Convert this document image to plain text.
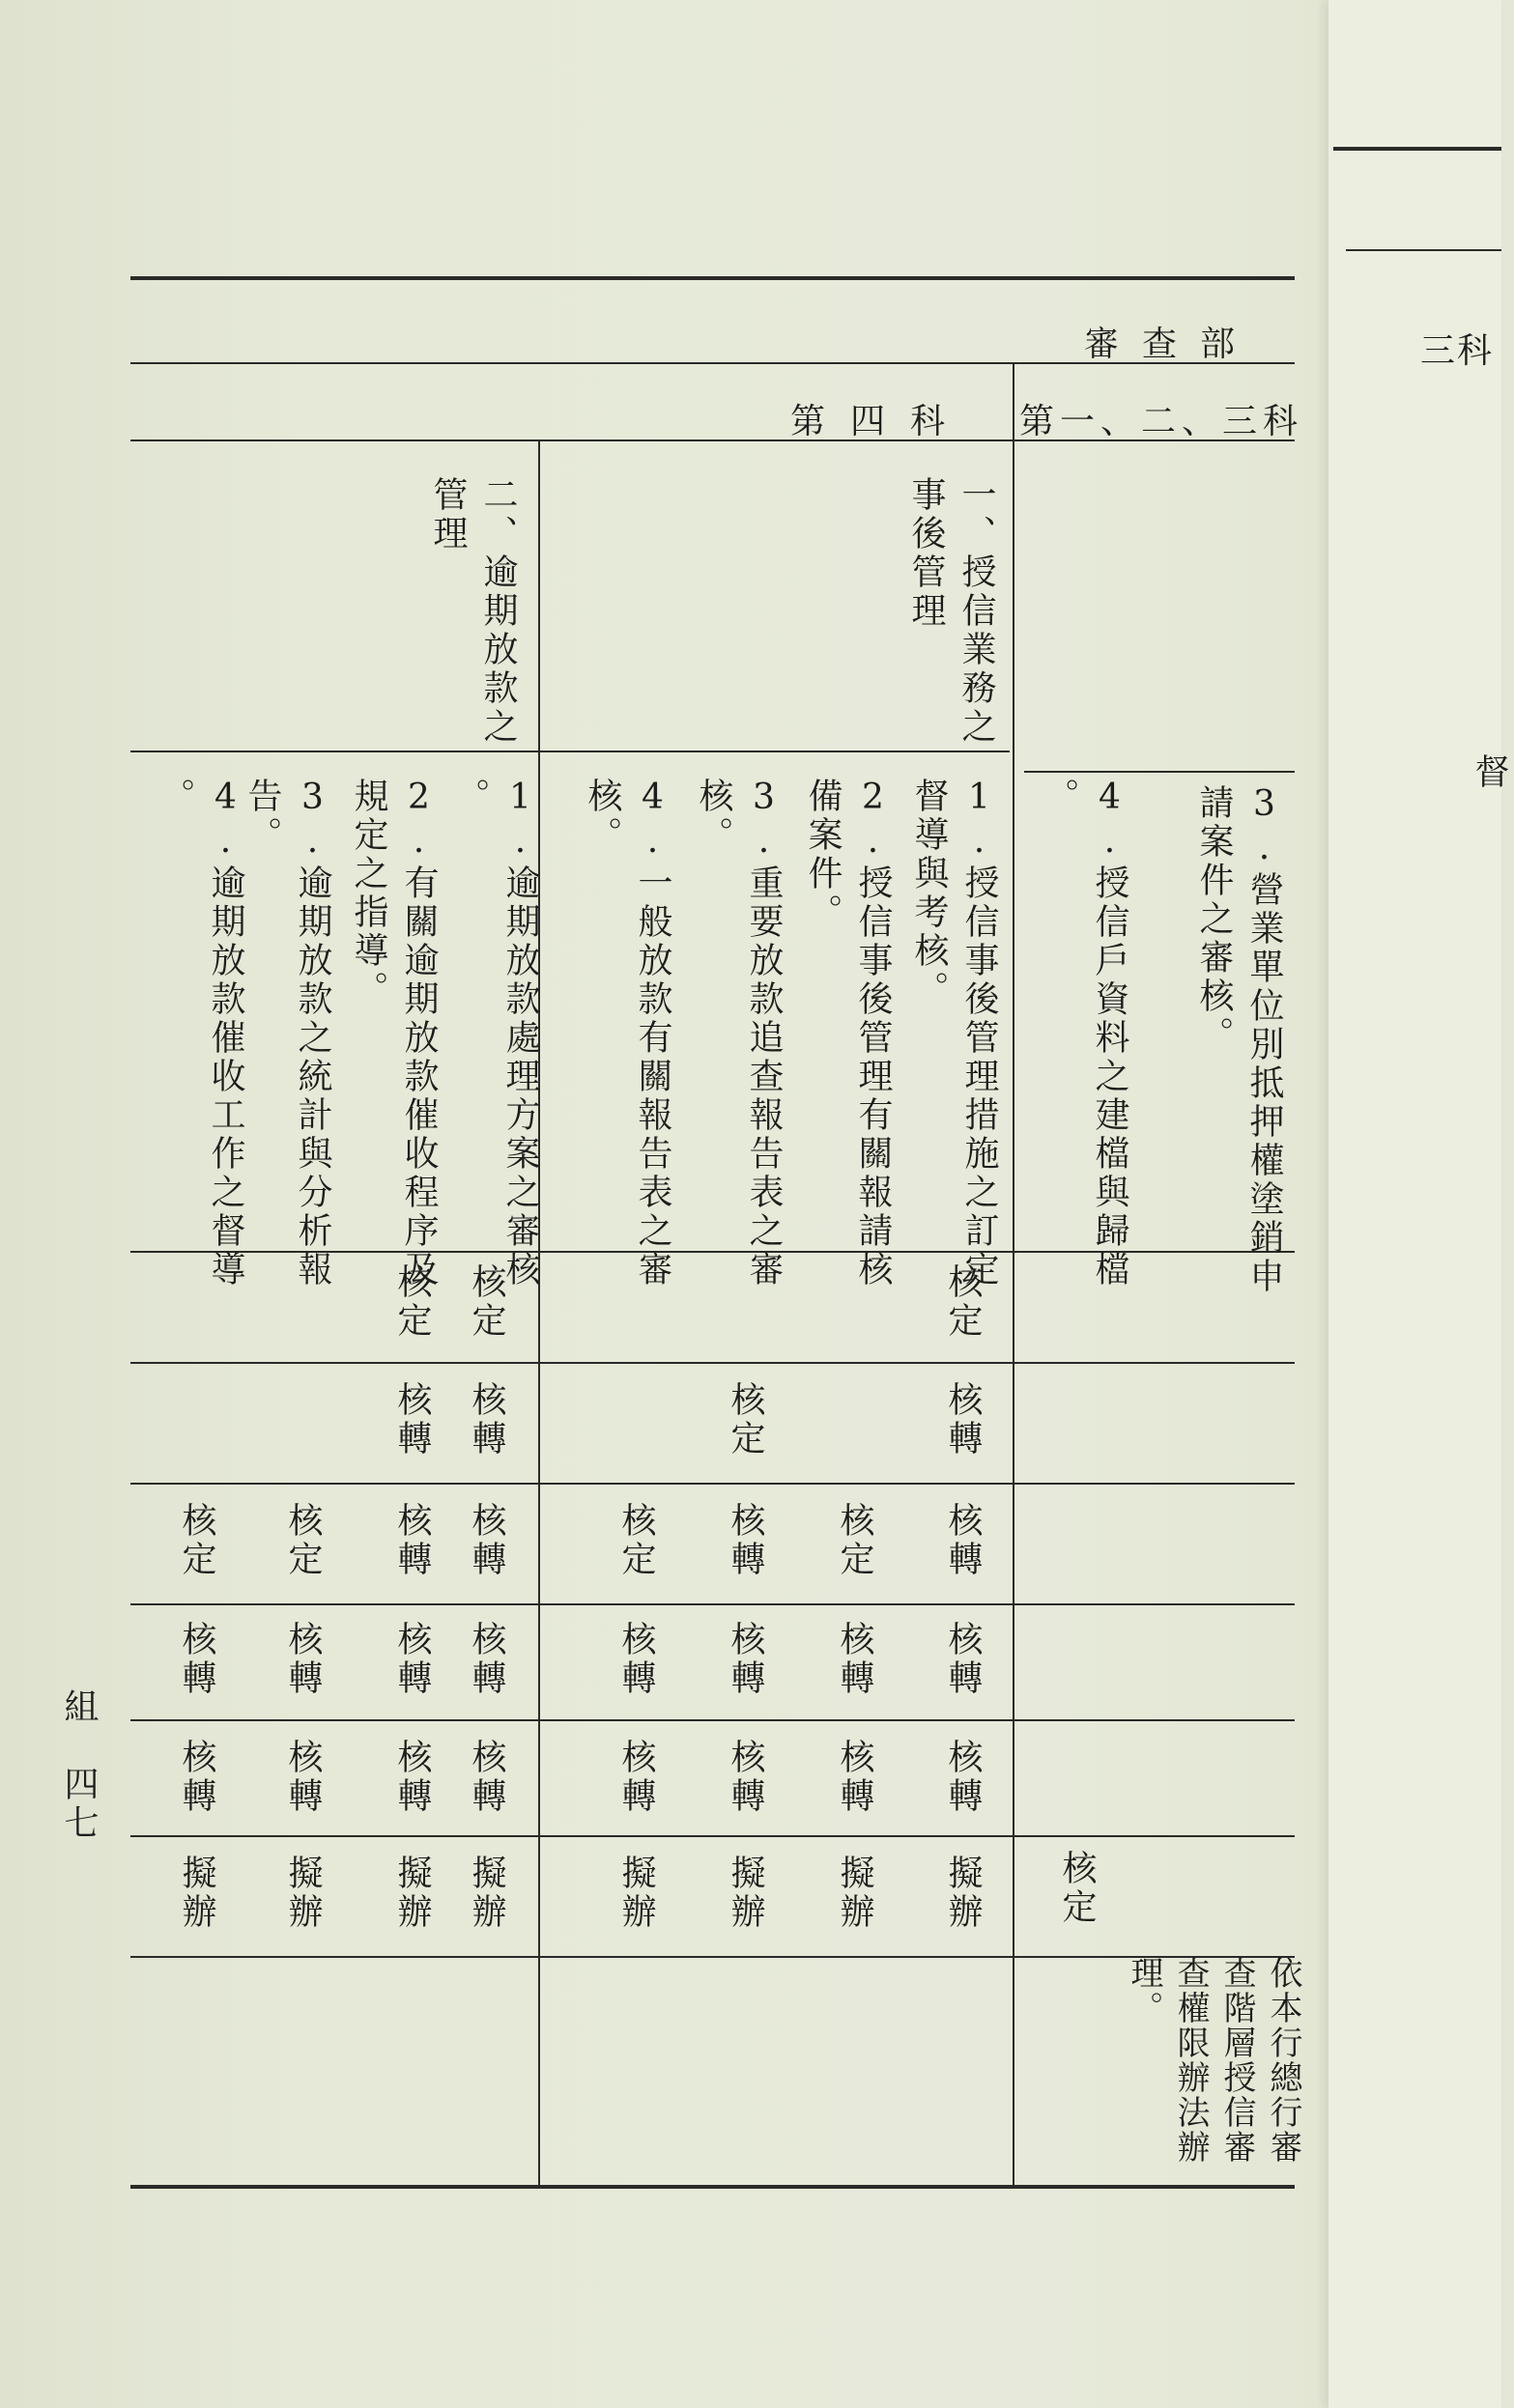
三科
督
審查部
第一、二、三科
第四科
一、授信業務之
事後管理
二、逾期放款之
管理
1.授信事後管理措施之訂定
督導與考核。
2.授信事後管理有關報請核
備案件。
3.重要放款追查報告表之審
核。
4.一般放款有關報告表之審
核。
1.逾期放款處理方案之審核
。
2.有關逾期放款催收程序及
規定之指導。
3.逾期放款之統計與分析報
告。
4.逾期放款催收工作之督導
。	3.營業單位別抵押權塗銷申
請案件之審核。
4.授信戶資料之建檔與歸檔
。
核定
依本行總行審
查階層授信審
查權限辦法辦
理。
核定
核轉
核轉
核轉
核轉
擬辦
核定
核轉
核轉
擬辦
核定
核轉
核轉
核轉
擬辦
核定
核轉
核轉
擬辦
核定
核轉
核轉
核轉
核轉
擬辦
核定
核轉
核轉
核轉
核轉
擬辦
核定
核轉
核轉
擬辦
核定
核轉
核轉
擬辦
組
四七
